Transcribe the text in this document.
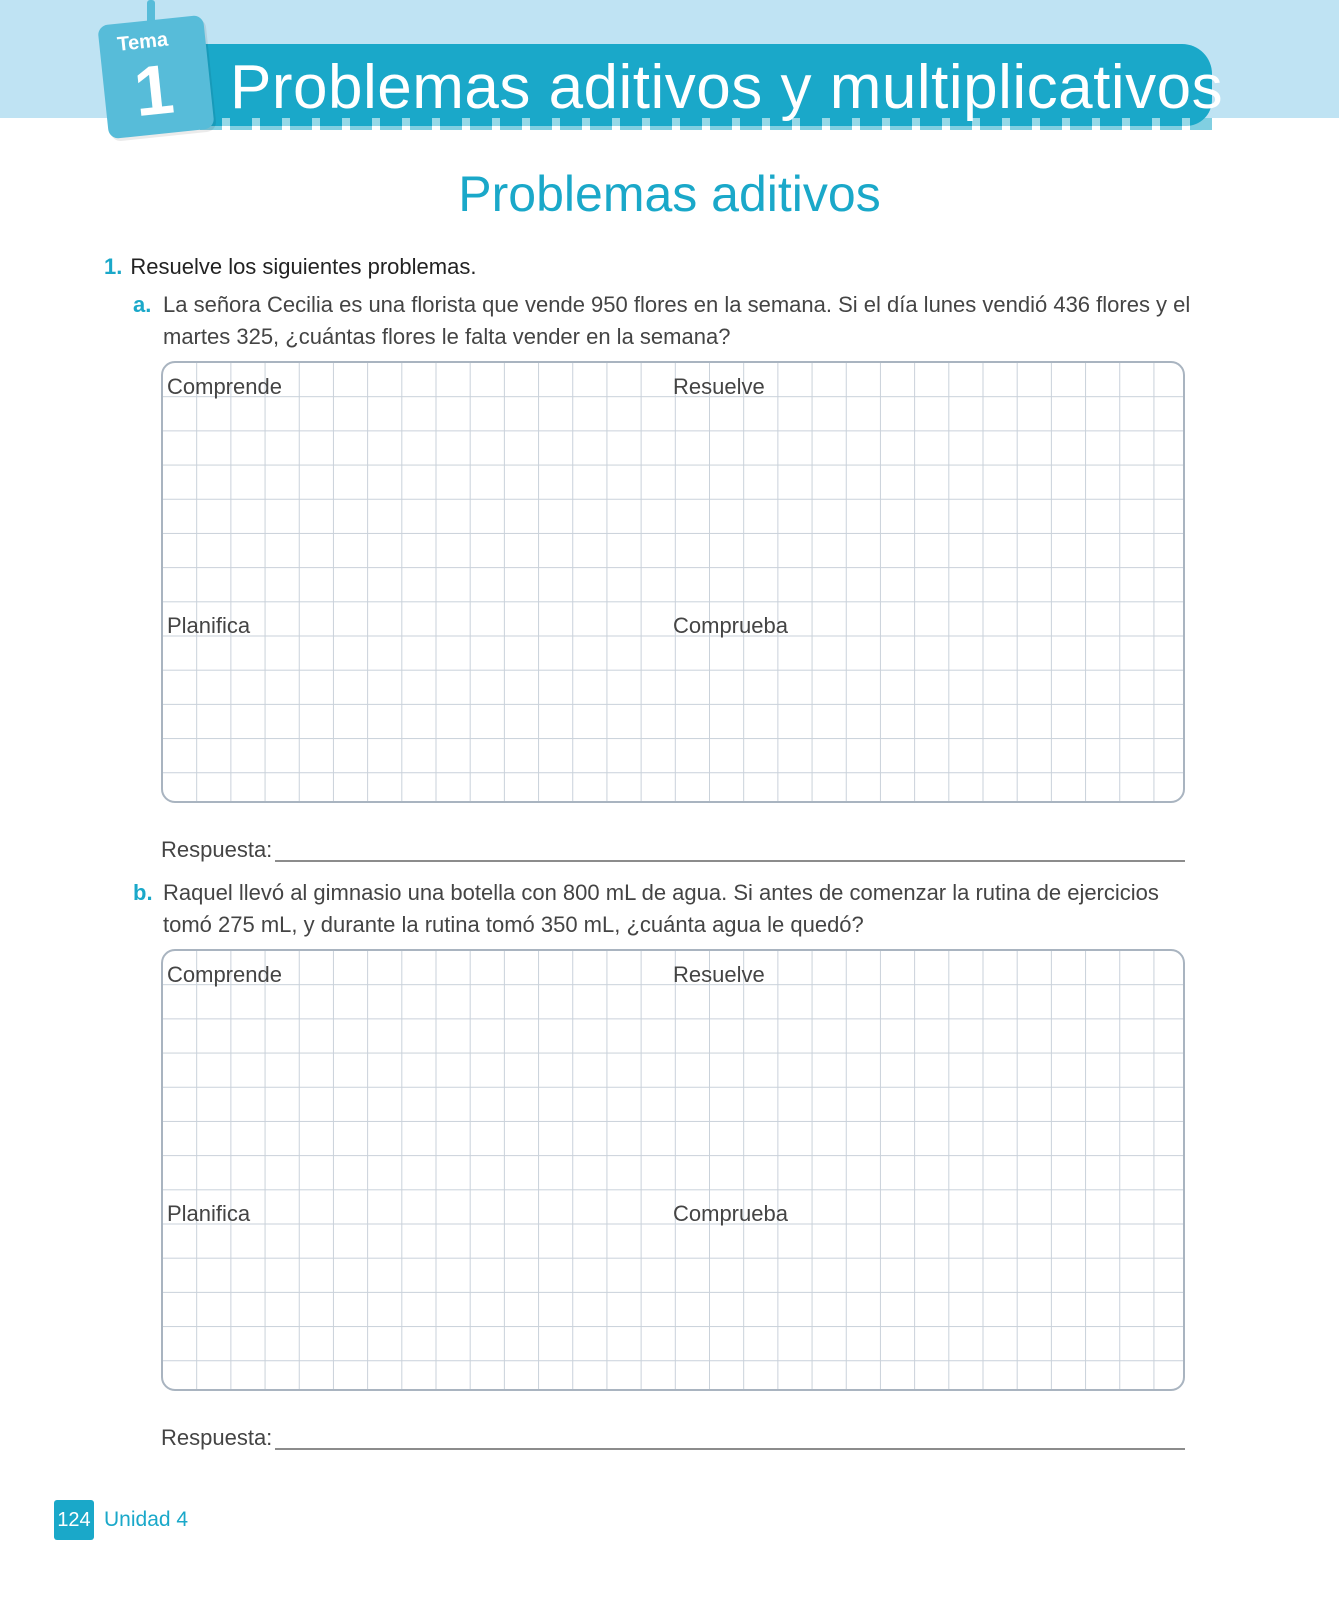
Problemas aditivos y multiplicativos
Tema
1
Problemas aditivos
1. Resuelve los siguientes problemas.
a. La señora Cecilia es una florista que vende 950 flores en la semana. Si el día lunes vendió 436 flores y el martes 325, ¿cuántas flores le falta vender en la semana?
Comprende	Resuelve
Planifica	Comprueba
Respuesta:
b. Raquel llevó al gimnasio una botella con 800 mL de agua. Si antes de comenzar la rutina de ejercicios tomó 275 mL, y durante la rutina tomó 350 mL, ¿cuánta agua le quedó?
Comprende	Resuelve
Planifica	Comprueba
Respuesta:
124 Unidad 4
